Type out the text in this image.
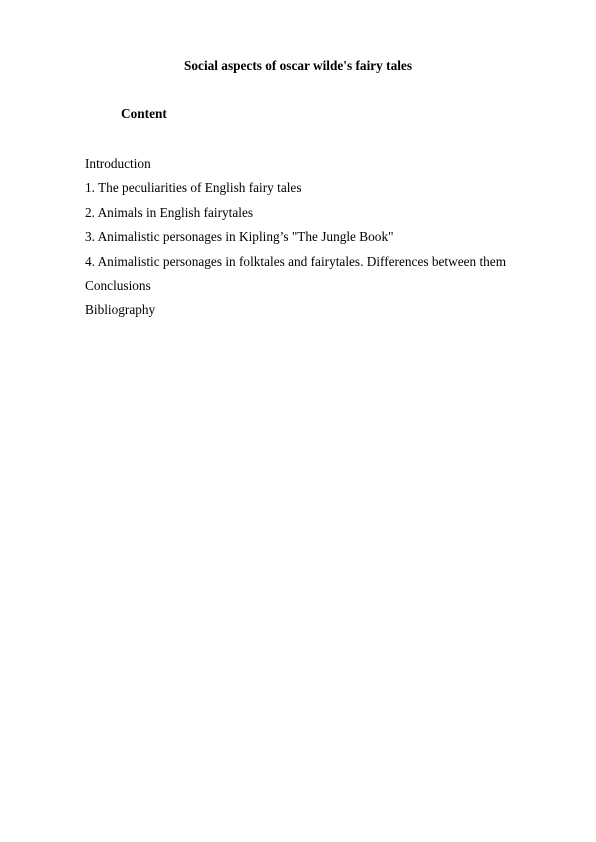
Social aspects of oscar wilde's fairy tales
Content
Introduction
1. The peculiarities of English fairy tales
2. Animals in English fairytales
3. Animalistic personages in Kipling’s "The Jungle Book"
4. Animalistic personages in folktales and fairytales. Differences between them
Conclusions
Bibliography
